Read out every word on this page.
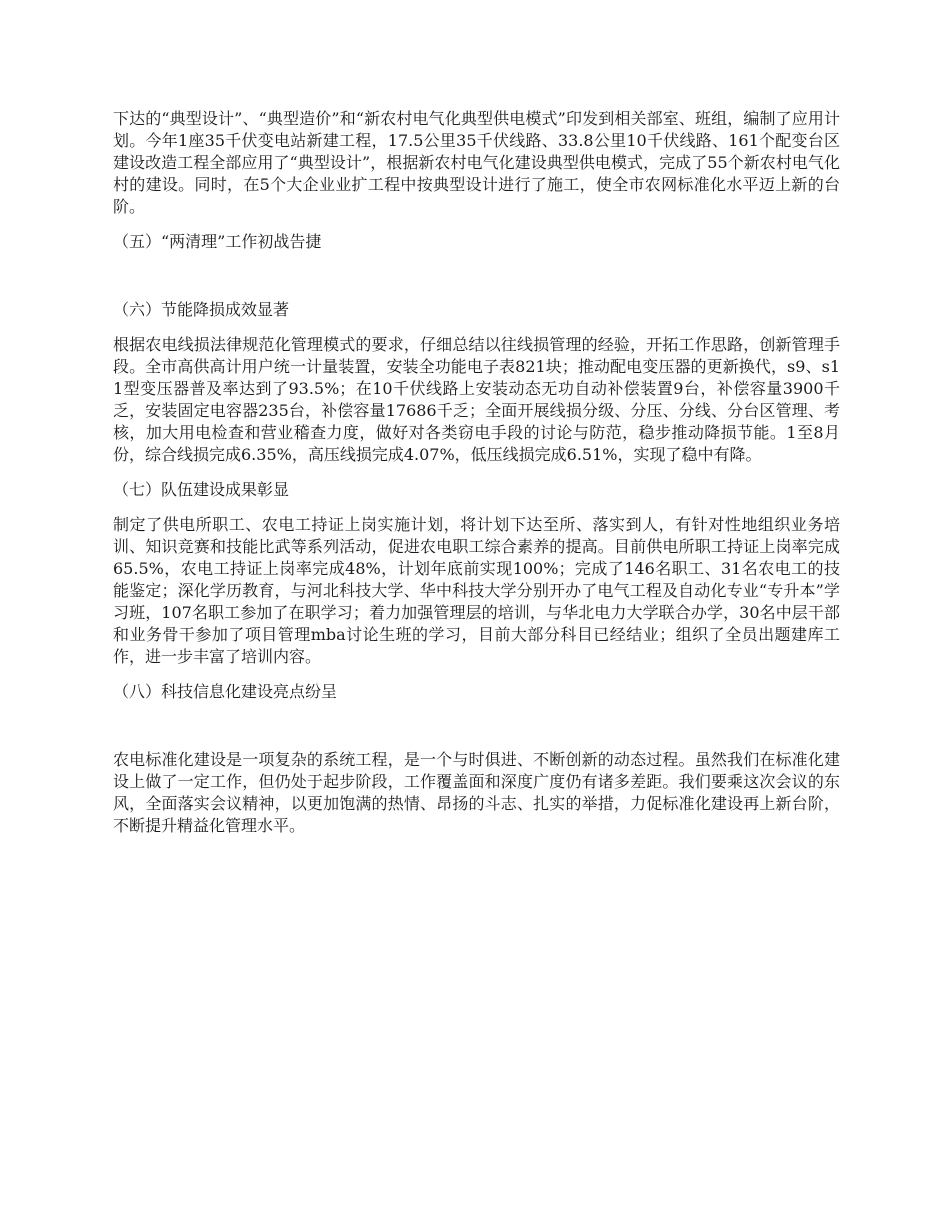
下达的“典型设计”、“典型造价”和“新农村电气化典型供电模式”印发到相关部室、班组，编制了应用计划。今年1座35千伏变电站新建工程，17.5公里35千伏线路、33.8公里10千伏线路、161个配变台区建设改造工程全部应用了“典型设计”，根据新农村电气化建设典型供电模式，完成了55个新农村电气化村的建设。同时，在5个大企业业扩工程中按典型设计进行了施工，使全市农网标准化水平迈上新的台阶。

（五）“两清理”工作初战告捷

（六）节能降损成效显著

根据农电线损法律规范化管理模式的要求，仔细总结以往线损管理的经验，开拓工作思路，创新管理手段。全市高供高计用户统一计量装置，安装全功能电子表821块；推动配电变压器的更新换代，s9、s11型变压器普及率达到了93.5%；在10千伏线路上安装动态无功自动补偿装置9台，补偿容量3900千乏，安装固定电容器235台，补偿容量17686千乏；全面开展线损分级、分压、分线、分台区管理、考核，加大用电检查和营业稽查力度，做好对各类窃电手段的讨论与防范，稳步推动降损节能。1至8月份，综合线损完成6.35%，高压线损完成4.07%，低压线损完成6.51%，实现了稳中有降。

（七）队伍建设成果彰显

制定了供电所职工、农电工持证上岗实施计划，将计划下达至所、落实到人，有针对性地组织业务培训、知识竞赛和技能比武等系列活动，促进农电职工综合素养的提高。目前供电所职工持证上岗率完成65.5%，农电工持证上岗率完成48%，计划年底前实现100%；完成了146名职工、31名农电工的技能鉴定；深化学历教育，与河北科技大学、华中科技大学分别开办了电气工程及自动化专业“专升本”学习班，107名职工参加了在职学习；着力加强管理层的培训，与华北电力大学联合办学，30名中层干部和业务骨干参加了项目管理mba讨论生班的学习，目前大部分科目已经结业；组织了全员出题建库工作，进一步丰富了培训内容。

（八）科技信息化建设亮点纷呈

农电标准化建设是一项复杂的系统工程，是一个与时俱进、不断创新的动态过程。虽然我们在标准化建设上做了一定工作，但仍处于起步阶段，工作覆盖面和深度广度仍有诸多差距。我们要乘这次会议的东风，全面落实会议精神，以更加饱满的热情、昂扬的斗志、扎实的举措，力促标准化建设再上新台阶，不断提升精益化管理水平。
